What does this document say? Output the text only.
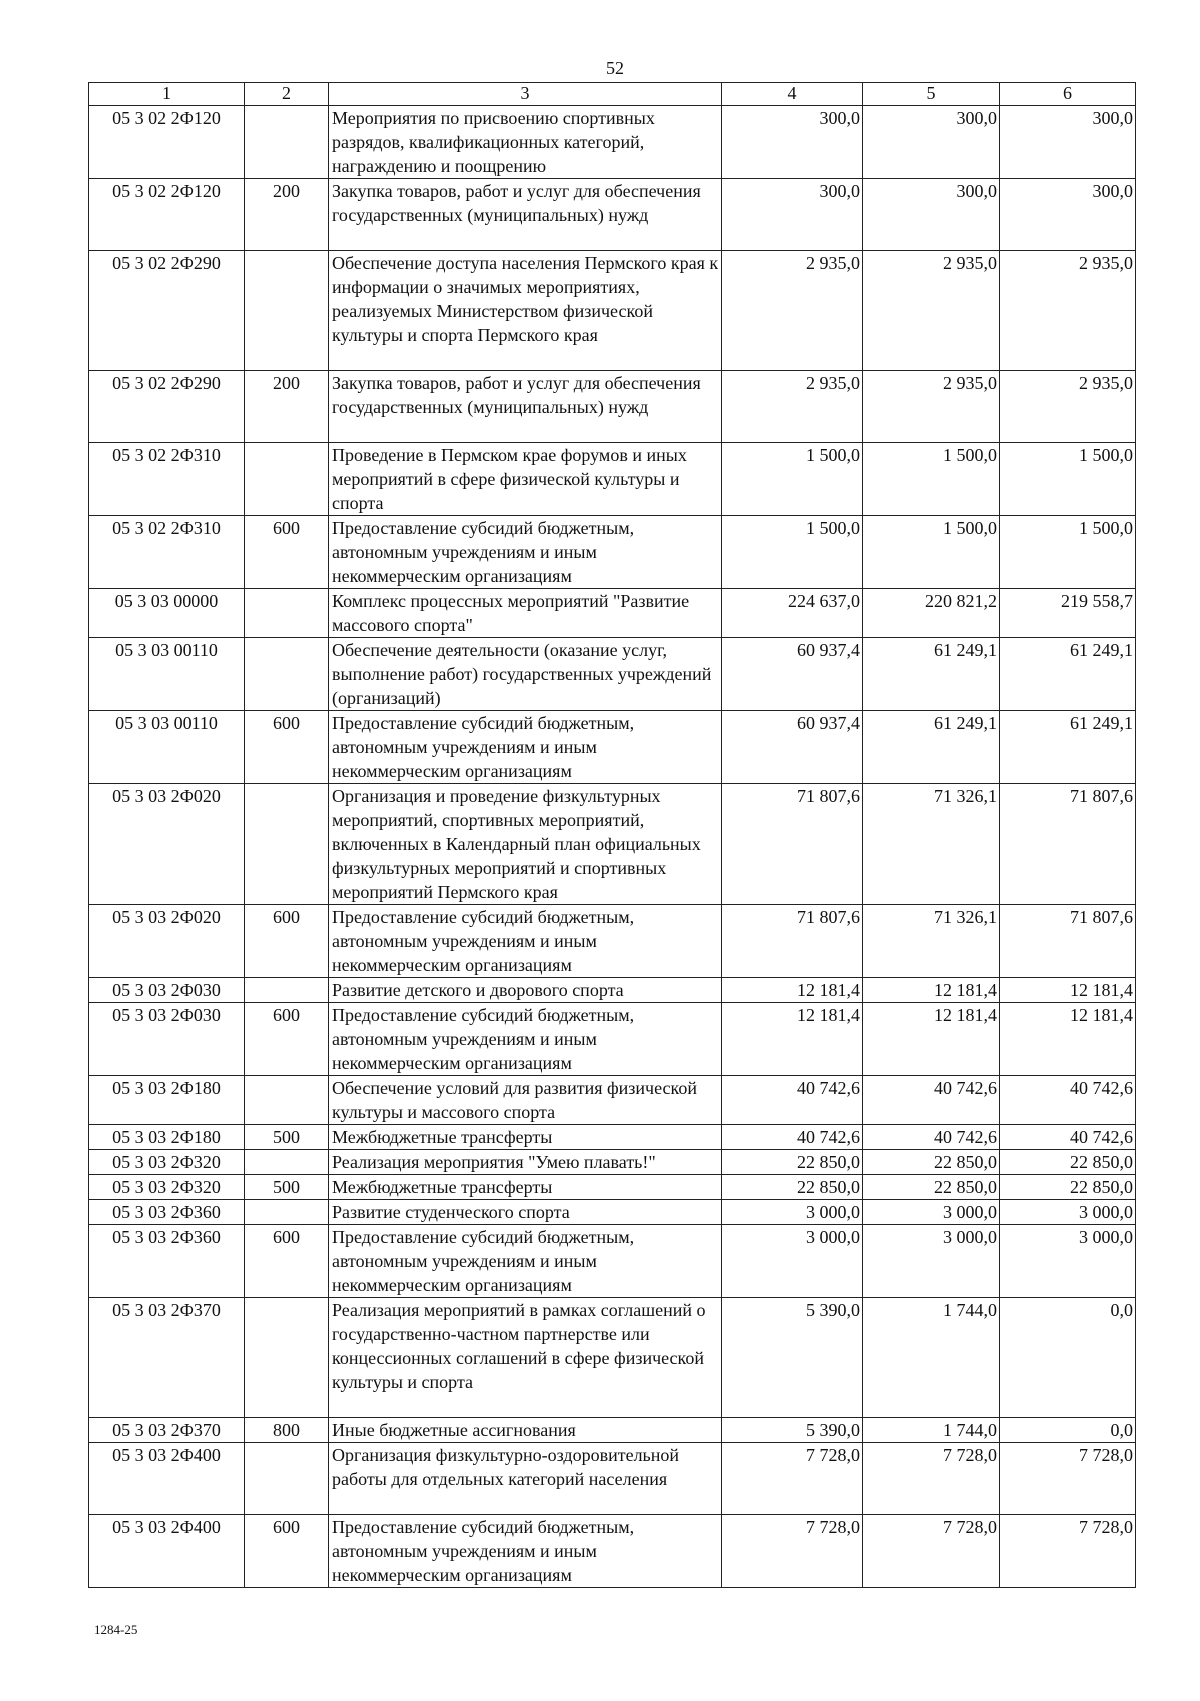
52
1	2	3	4	5	6
05 3 02 2Ф120		Мероприятия по присвоению спортивных разрядов, квалификационных категорий, награждению и поощрению	300,0	300,0	300,0
05 3 02 2Ф120	200	Закупка товаров, работ и услуг для обеспечения государственных (муниципальных) нужд	300,0	300,0	300,0
05 3 02 2Ф290		Обеспечение доступа населения Пермского края к информации о значимых мероприятиях, реализуемых Министерством физической культуры и спорта Пермского края	2 935,0	2 935,0	2 935,0
05 3 02 2Ф290	200	Закупка товаров, работ и услуг для обеспечения государственных (муниципальных) нужд	2 935,0	2 935,0	2 935,0
05 3 02 2Ф310		Проведение в Пермском крае форумов и иных мероприятий в сфере физической культуры и спорта	1 500,0	1 500,0	1 500,0
05 3 02 2Ф310	600	Предоставление субсидий бюджетным, автономным учреждениям и иным некоммерческим организациям	1 500,0	1 500,0	1 500,0
05 3 03 00000		Комплекс процессных мероприятий "Развитие массового спорта"	224 637,0	220 821,2	219 558,7
05 3 03 00110		Обеспечение деятельности (оказание услуг, выполнение работ) государственных учреждений (организаций)	60 937,4	61 249,1	61 249,1
05 3 03 00110	600	Предоставление субсидий бюджетным, автономным учреждениям и иным некоммерческим организациям	60 937,4	61 249,1	61 249,1
05 3 03 2Ф020		Организация и проведение физкультурных мероприятий, спортивных мероприятий, включенных в Календарный план официальных физкультурных мероприятий и спортивных мероприятий Пермского края	71 807,6	71 326,1	71 807,6
05 3 03 2Ф020	600	Предоставление субсидий бюджетным, автономным учреждениям и иным некоммерческим организациям	71 807,6	71 326,1	71 807,6
05 3 03 2Ф030		Развитие детского и дворового спорта	12 181,4	12 181,4	12 181,4
05 3 03 2Ф030	600	Предоставление субсидий бюджетным, автономным учреждениям и иным некоммерческим организациям	12 181,4	12 181,4	12 181,4
05 3 03 2Ф180		Обеспечение условий для развития физической культуры и массового спорта	40 742,6	40 742,6	40 742,6
05 3 03 2Ф180	500	Межбюджетные трансферты	40 742,6	40 742,6	40 742,6
05 3 03 2Ф320		Реализация мероприятия "Умею плавать!"	22 850,0	22 850,0	22 850,0
05 3 03 2Ф320	500	Межбюджетные трансферты	22 850,0	22 850,0	22 850,0
05 3 03 2Ф360		Развитие студенческого спорта	3 000,0	3 000,0	3 000,0
05 3 03 2Ф360	600	Предоставление субсидий бюджетным, автономным учреждениям и иным некоммерческим организациям	3 000,0	3 000,0	3 000,0
05 3 03 2Ф370		Реализация мероприятий в рамках соглашений о государственно-частном партнерстве или концессионных соглашений в сфере физической культуры и спорта	5 390,0	1 744,0	0,0
05 3 03 2Ф370	800	Иные бюджетные ассигнования	5 390,0	1 744,0	0,0
05 3 03 2Ф400		Организация физкультурно-оздоровительной работы для отдельных категорий населения	7 728,0	7 728,0	7 728,0
05 3 03 2Ф400	600	Предоставление субсидий бюджетным, автономным учреждениям и иным некоммерческим организациям	7 728,0	7 728,0	7 728,0
1284-25
